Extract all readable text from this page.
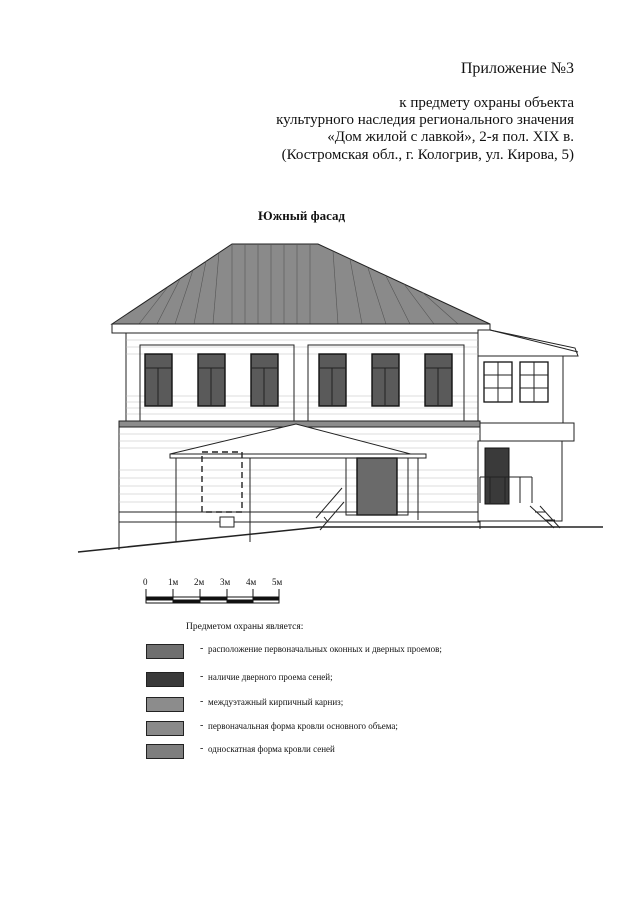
Приложение №3
к предмету охраны объекта
культурного наследия регионального значения
«Дом жилой с лавкой», 2-я пол. XIX в.
(Костромская обл., г. Кологрив, ул. Кирова, 5)
Южный фасад
0 1м 2м 3м 4м 5м
Предметом охраны является:
- расположение первоначальных оконных и дверных проемов;
- наличие дверного проема сеней;
- междуэтажный кирпичный карниз;
- первоначальная форма кровли основного объема;
- односкатная форма кровли сеней
